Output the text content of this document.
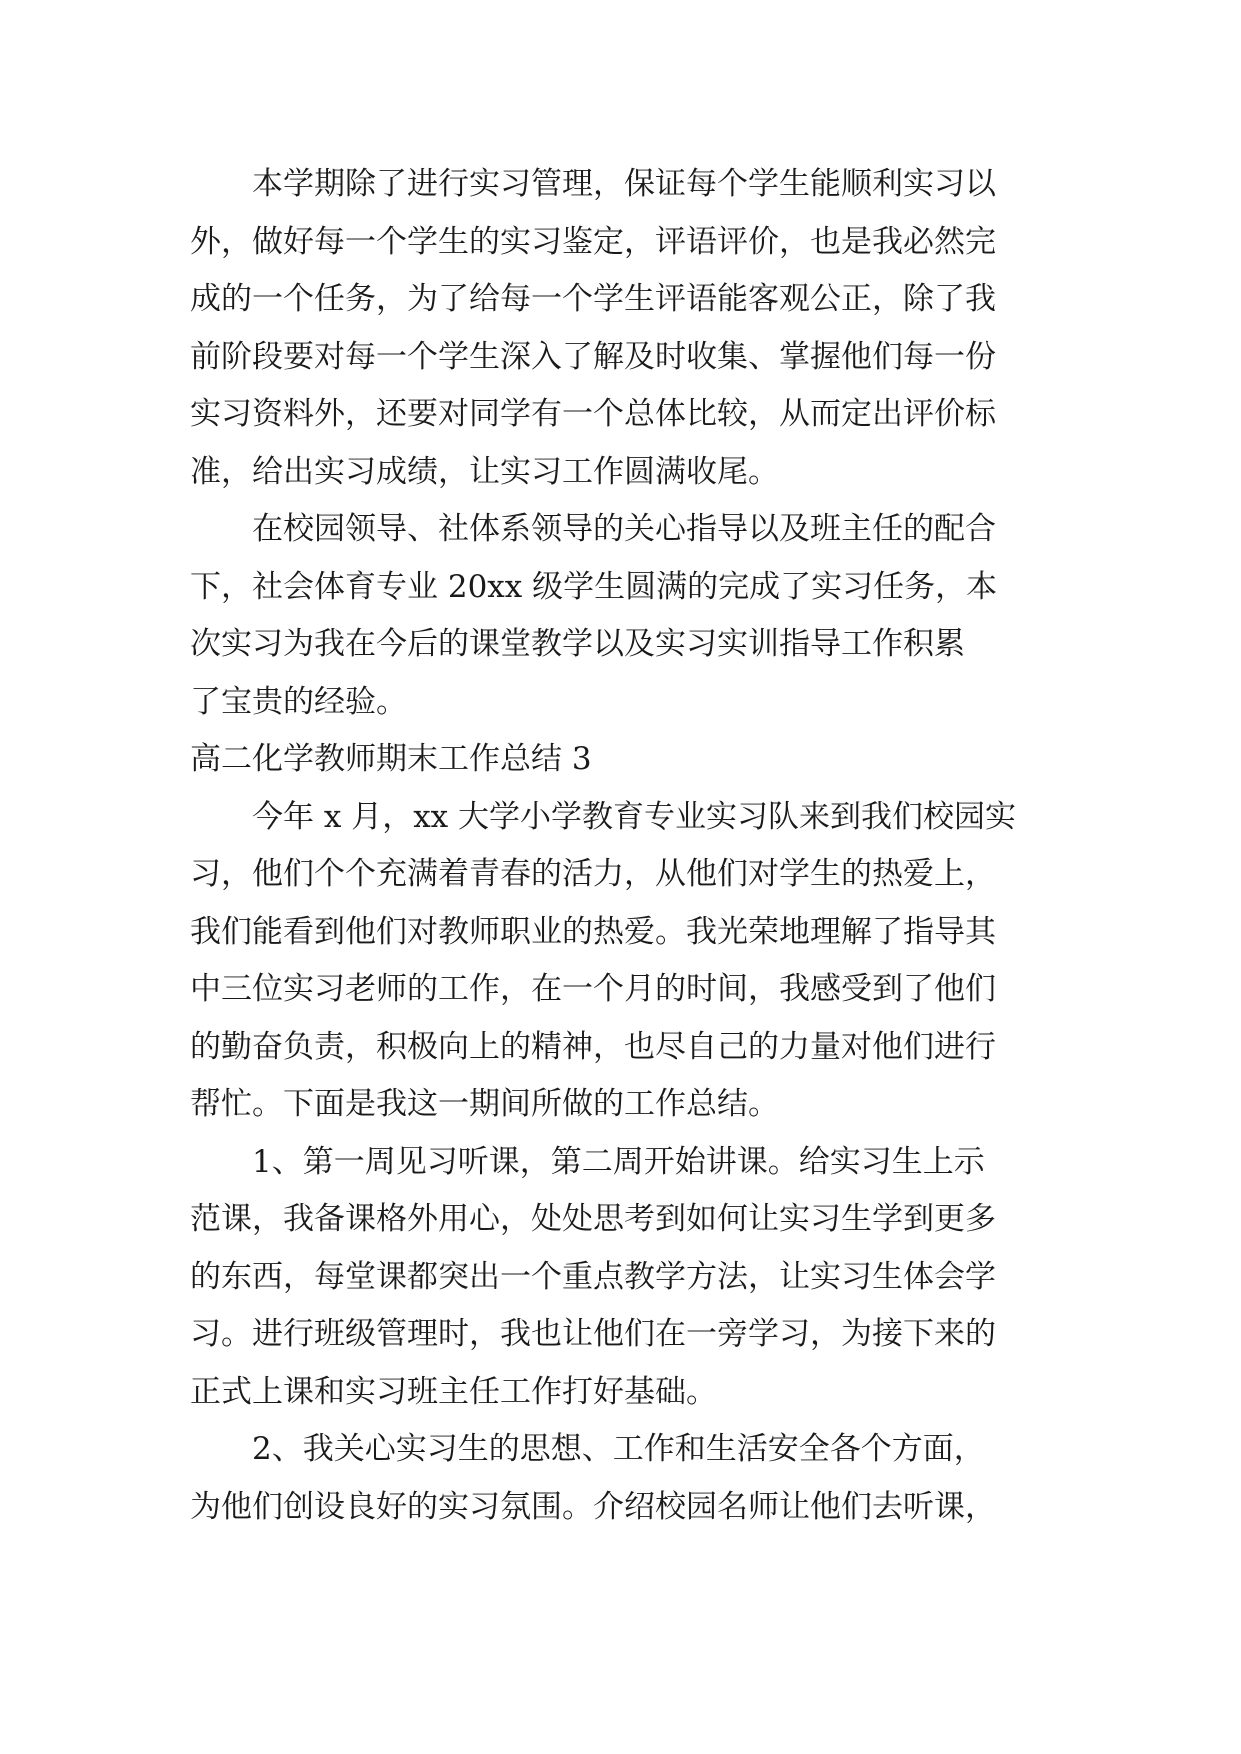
本学期除了进行实习管理，保证每个学生能顺利实习以
外，做好每一个学生的实习鉴定，评语评价，也是我必然完
成的一个任务，为了给每一个学生评语能客观公正，除了我
前阶段要对每一个学生深入了解及时收集、掌握他们每一份
实习资料外，还要对同学有一个总体比较，从而定出评价标
准，给出实习成绩，让实习工作圆满收尾。
在校园领导、社体系领导的关心指导以及班主任的配合
下，社会体育专业 20xx 级学生圆满的完成了实习任务，本
次实习为我在今后的课堂教学以及实习实训指导工作积累
了宝贵的经验。
高二化学教师期末工作总结 3
今年 x 月，xx 大学小学教育专业实习队来到我们校园实
习，他们个个充满着青春的活力，从他们对学生的热爱上，
我们能看到他们对教师职业的热爱。我光荣地理解了指导其
中三位实习老师的工作，在一个月的时间，我感受到了他们
的勤奋负责，积极向上的精神，也尽自己的力量对他们进行
帮忙。下面是我这一期间所做的工作总结。
1、第一周见习听课，第二周开始讲课。给实习生上示
范课，我备课格外用心，处处思考到如何让实习生学到更多
的东西，每堂课都突出一个重点教学方法，让实习生体会学
习。进行班级管理时，我也让他们在一旁学习，为接下来的
正式上课和实习班主任工作打好基础。
2、我关心实习生的思想、工作和生活安全各个方面，
为他们创设良好的实习氛围。介绍校园名师让他们去听课，
